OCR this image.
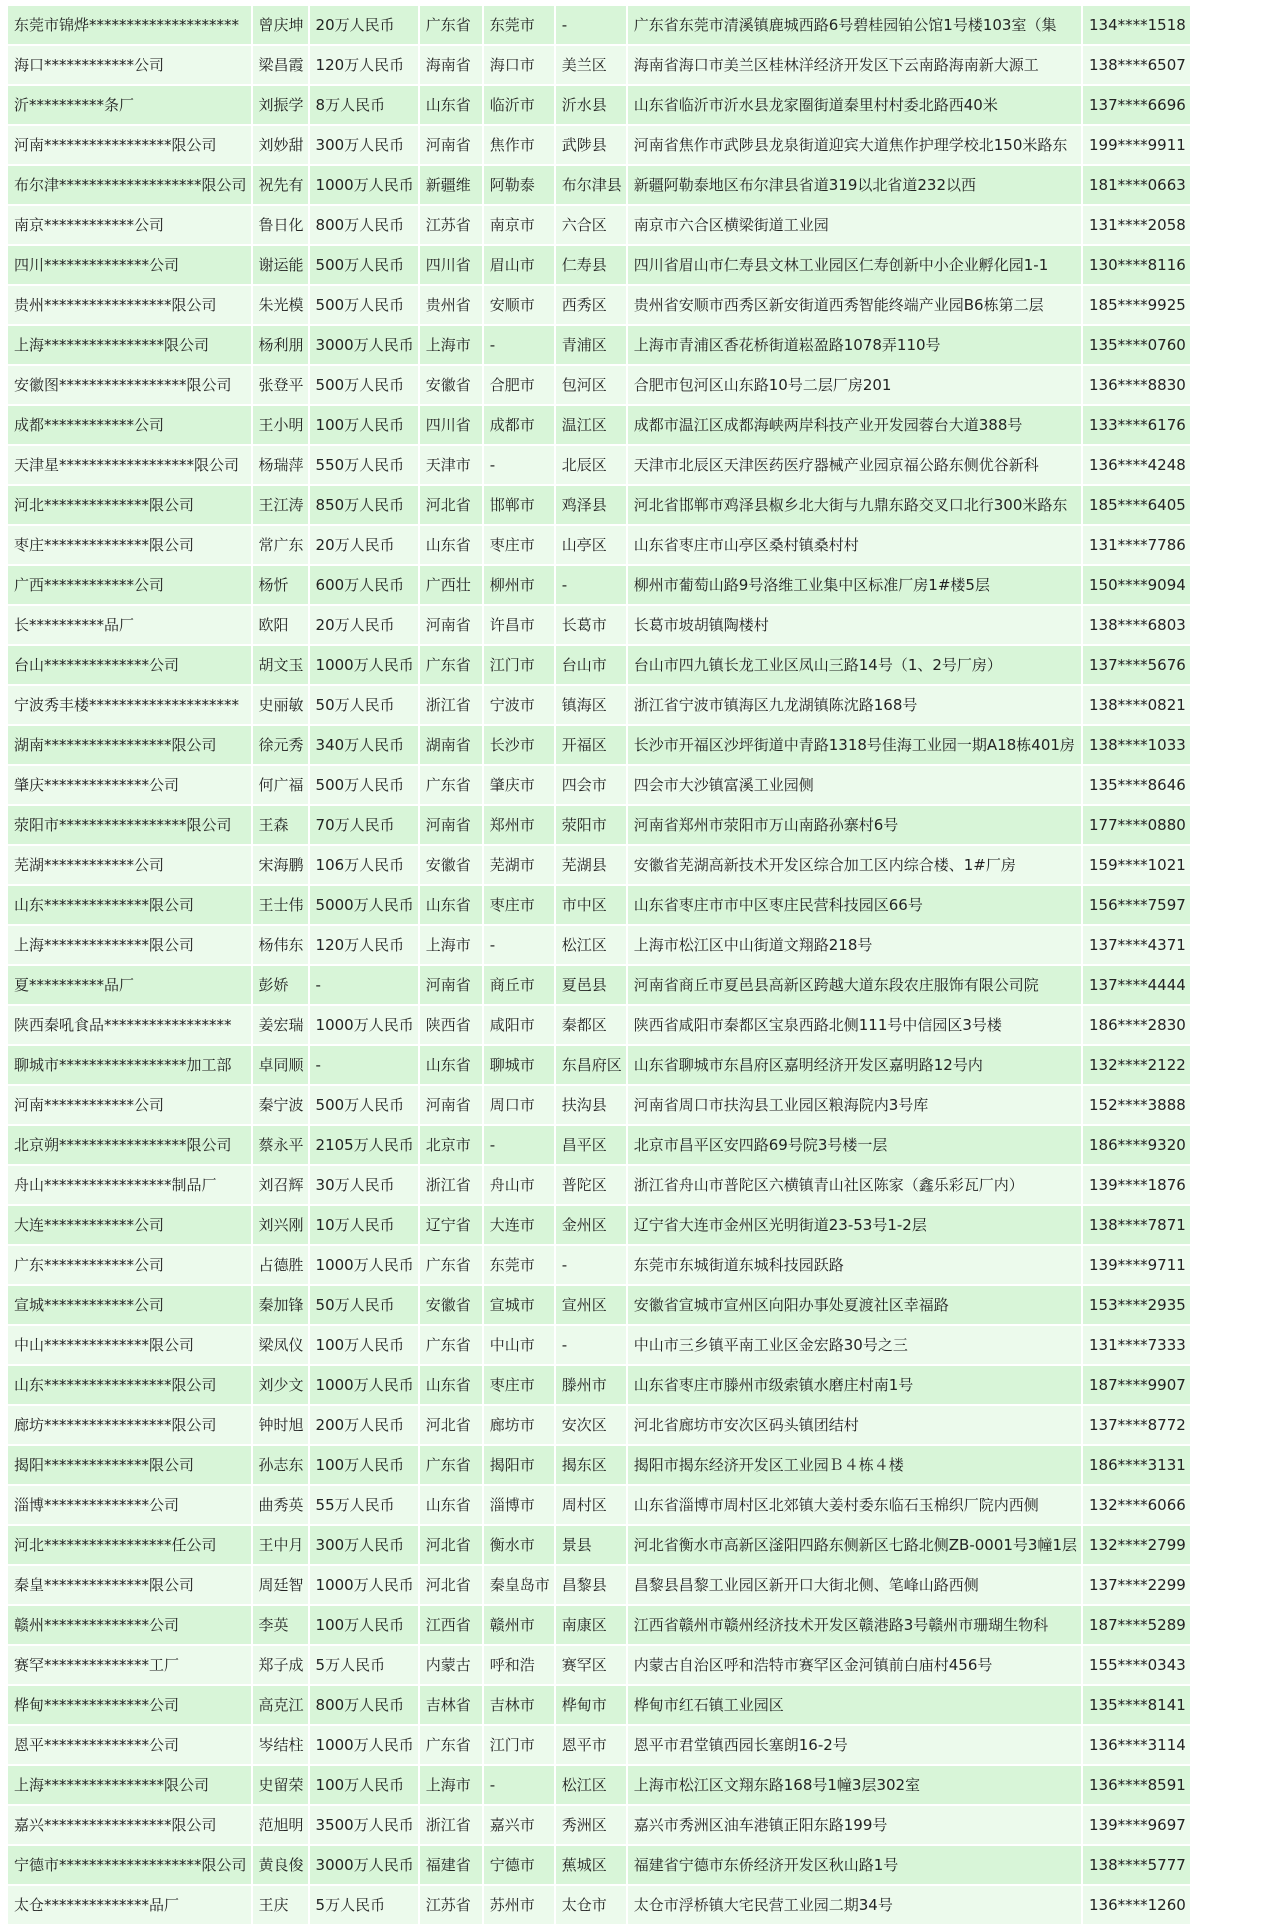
东莞市锦烨********************	曾庆坤	20万人民币	广东省	东莞市	-	广东省东莞市清溪镇鹿城西路6号碧桂园铂公馆1号楼103室（集	134****1518
海口************公司	梁昌霞	120万人民币	海南省	海口市	美兰区	海南省海口市美兰区桂林洋经济开发区下云南路海南新大源工	138****6507
沂**********条厂	刘振学	8万人民币	山东省	临沂市	沂水县	山东省临沂市沂水县龙家圈街道秦里村村委北路西40米	137****6696
河南*****************限公司	刘妙甜	300万人民币	河南省	焦作市	武陟县	河南省焦作市武陟县龙泉街道迎宾大道焦作护理学校北150米路东	199****9911
布尔津*******************限公司	祝先有	1000万人民币	新疆维	阿勒泰	布尔津县	新疆阿勒泰地区布尔津县省道319以北省道232以西	181****0663
南京************公司	鲁日化	800万人民币	江苏省	南京市	六合区	南京市六合区横梁街道工业园	131****2058
四川**************公司	谢运能	500万人民币	四川省	眉山市	仁寿县	四川省眉山市仁寿县文林工业园区仁寿创新中小企业孵化园1-1	130****8116
贵州*****************限公司	朱光模	500万人民币	贵州省	安顺市	西秀区	贵州省安顺市西秀区新安街道西秀智能终端产业园B6栋第二层	185****9925
上海****************限公司	杨利朋	3000万人民币	上海市	-	青浦区	上海市青浦区香花桥街道崧盈路1078弄110号	135****0760
安徽图*****************限公司	张登平	500万人民币	安徽省	合肥市	包河区	合肥市包河区山东路10号二层厂房201	136****8830
成都************公司	王小明	100万人民币	四川省	成都市	温江区	成都市温江区成都海峡两岸科技产业开发园蓉台大道388号	133****6176
天津星******************限公司	杨瑞萍	550万人民币	天津市	-	北辰区	天津市北辰区天津医药医疗器械产业园京福公路东侧优谷新科	136****4248
河北**************限公司	王江涛	850万人民币	河北省	邯郸市	鸡泽县	河北省邯郸市鸡泽县椒乡北大街与九鼎东路交叉口北行300米路东	185****6405
枣庄**************限公司	常广东	20万人民币	山东省	枣庄市	山亭区	山东省枣庄市山亭区桑村镇桑村村	131****7786
广西************公司	杨忻	600万人民币	广西壮	柳州市	-	柳州市葡萄山路9号洛维工业集中区标准厂房1#楼5层	150****9094
长**********品厂	欧阳	20万人民币	河南省	许昌市	长葛市	长葛市坡胡镇陶楼村	138****6803
台山**************公司	胡文玉	1000万人民币	广东省	江门市	台山市	台山市四九镇长龙工业区凤山三路14号（1、2号厂房）	137****5676
宁波秀丰楼********************	史丽敏	50万人民币	浙江省	宁波市	镇海区	浙江省宁波市镇海区九龙湖镇陈沈路168号	138****0821
湖南*****************限公司	徐元秀	340万人民币	湖南省	长沙市	开福区	长沙市开福区沙坪街道中青路1318号佳海工业园一期A18栋401房	138****1033
肇庆**************公司	何广福	500万人民币	广东省	肇庆市	四会市	四会市大沙镇富溪工业园侧	135****8646
荥阳市*****************限公司	王森	70万人民币	河南省	郑州市	荥阳市	河南省郑州市荥阳市万山南路孙寨村6号	177****0880
芜湖************公司	宋海鹏	106万人民币	安徽省	芜湖市	芜湖县	安徽省芜湖高新技术开发区综合加工区内综合楼、1#厂房	159****1021
山东**************限公司	王士伟	5000万人民币	山东省	枣庄市	市中区	山东省枣庄市市中区枣庄民营科技园区66号	156****7597
上海**************限公司	杨伟东	120万人民币	上海市	-	松江区	上海市松江区中山街道文翔路218号	137****4371
夏**********品厂	彭娇	-	河南省	商丘市	夏邑县	河南省商丘市夏邑县高新区跨越大道东段农庄服饰有限公司院	137****4444
陕西秦吼食品*****************	姜宏瑞	1000万人民币	陕西省	咸阳市	秦都区	陕西省咸阳市秦都区宝泉西路北侧111号中信园区3号楼	186****2830
聊城市*****************加工部	卓同顺	-	山东省	聊城市	东昌府区	山东省聊城市东昌府区嘉明经济开发区嘉明路12号内	132****2122
河南************公司	秦宁波	500万人民币	河南省	周口市	扶沟县	河南省周口市扶沟县工业园区粮海院内3号库	152****3888
北京朔*****************限公司	蔡永平	2105万人民币	北京市	-	昌平区	北京市昌平区安四路69号院3号楼一层	186****9320
舟山*****************制品厂	刘召辉	30万人民币	浙江省	舟山市	普陀区	浙江省舟山市普陀区六横镇青山社区陈家（鑫乐彩瓦厂内）	139****1876
大连************公司	刘兴刚	10万人民币	辽宁省	大连市	金州区	辽宁省大连市金州区光明街道23-53号1-2层	138****7871
广东************公司	占德胜	1000万人民币	广东省	东莞市	-	东莞市东城街道东城科技园跃路	139****9711
宣城************公司	秦加锋	50万人民币	安徽省	宣城市	宣州区	安徽省宣城市宣州区向阳办事处夏渡社区幸福路	153****2935
中山**************限公司	梁凤仪	100万人民币	广东省	中山市	-	中山市三乡镇平南工业区金宏路30号之三	131****7333
山东*****************限公司	刘少文	1000万人民币	山东省	枣庄市	滕州市	山东省枣庄市滕州市级索镇水磨庄村南1号	187****9907
廊坊*****************限公司	钟时旭	200万人民币	河北省	廊坊市	安次区	河北省廊坊市安次区码头镇团结村	137****8772
揭阳**************限公司	孙志东	100万人民币	广东省	揭阳市	揭东区	揭阳市揭东经济开发区工业园Ｂ４栋４楼	186****3131
淄博**************公司	曲秀英	55万人民币	山东省	淄博市	周村区	山东省淄博市周村区北郊镇大姜村委东临石玉棉织厂院内西侧	132****6066
河北*****************任公司	王中月	300万人民币	河北省	衡水市	景县	河北省衡水市高新区滏阳四路东侧新区七路北侧ZB-0001号3幢1层	132****2799
秦皇**************限公司	周廷智	1000万人民币	河北省	秦皇岛市	昌黎县	昌黎县昌黎工业园区新开口大街北侧、笔峰山路西侧	137****2299
赣州**************公司	李英	100万人民币	江西省	赣州市	南康区	江西省赣州市赣州经济技术开发区赣港路3号赣州市珊瑚生物科	187****5289
赛罕**************工厂	郑子成	5万人民币	内蒙古	呼和浩	赛罕区	内蒙古自治区呼和浩特市赛罕区金河镇前白庙村456号	155****0343
桦甸**************公司	高克江	800万人民币	吉林省	吉林市	桦甸市	桦甸市红石镇工业园区	135****8141
恩平**************公司	岑结柱	1000万人民币	广东省	江门市	恩平市	恩平市君堂镇西园长塞朗16-2号	136****3114
上海****************限公司	史留荣	100万人民币	上海市	-	松江区	上海市松江区文翔东路168号1幢3层302室	136****8591
嘉兴*****************限公司	范旭明	3500万人民币	浙江省	嘉兴市	秀洲区	嘉兴市秀洲区油车港镇正阳东路199号	139****9697
宁德市*******************限公司	黄良俊	3000万人民币	福建省	宁德市	蕉城区	福建省宁德市东侨经济开发区秋山路1号	138****5777
太仓**************品厂	王庆	5万人民币	江苏省	苏州市	太仓市	太仓市浮桥镇大宅民营工业园二期34号	136****1260
